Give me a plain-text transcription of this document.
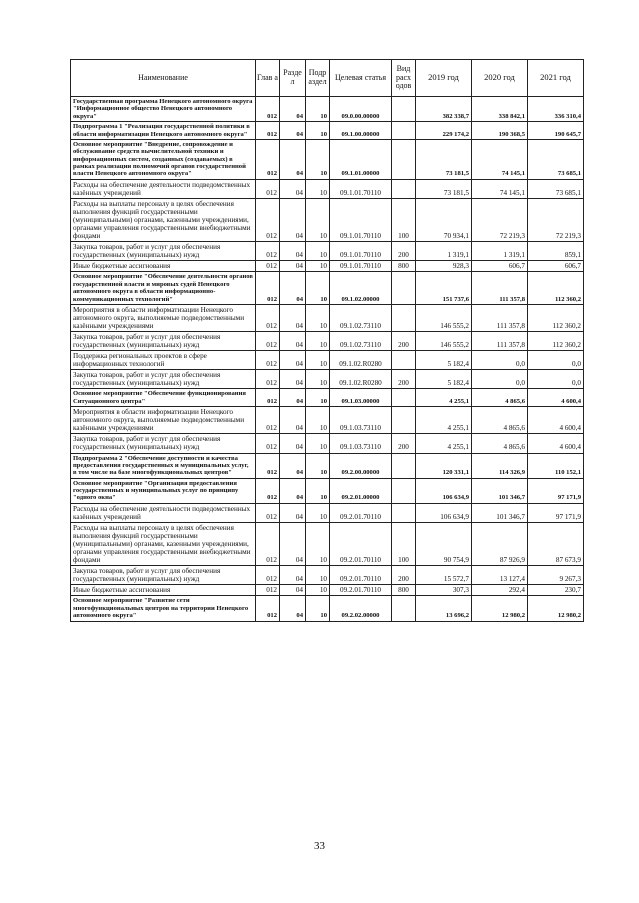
Наименование	Глав а	Разде л	Подр аздел	Целевая статья	Вид расх одов	2019 год	2020 год	2021 год
Государственная программа Ненецкого автономного округа "Информационное общество Ненецкого автономного округа"	012	04	10	09.0.00.00000		382 338,7	338 842,1	336 310,4
Подпрограмма 1 "Реализация государственной политики в области информатизации Ненецкого автономного округа"	012	04	10	09.1.00.00000		229 174,2	190 368,5	190 645,7
Основное мероприятие "Внедрение, сопровождение и обслуживание средств вычислительной техники и информационных систем, созданных (создаваемых) в рамках реализации полномочий органов государственной власти Ненецкого автономного округа"	012	04	10	09.1.01.00000		73 181,5	74 145,1	73 685,1
Расходы на обеспечение деятельности подведомственных казённых учреждений	012	04	10	09.1.01.70110		73 181,5	74 145,1	73 685,1
Расходы на выплаты персоналу в целях обеспечения выполнения функций государственными (муниципальными) органами, казенными учреждениями, органами управления государственными внебюджетными фондами	012	04	10	09.1.01.70110	100	70 934,1	72 219,3	72 219,3
Закупка товаров, работ и услуг для обеспечения государственных (муниципальных) нужд	012	04	10	09.1.01.70110	200	1 319,1	1 319,1	859,1
Иные бюджетные ассигнования	012	04	10	09.1.01.70110	800	928,3	606,7	606,7
Основное мероприятие "Обеспечение деятельности органов государственной власти и мировых судей Ненецкого автономного округа в области информационно-коммуникационных технологий"	012	04	10	09.1.02.00000		151 737,6	111 357,8	112 360,2
Мероприятия в области информатизации Ненецкого автономного округа, выполняемые подведомственными казёнными учреждениями	012	04	10	09.1.02.73110		146 555,2	111 357,8	112 360,2
Закупка товаров, работ и услуг для обеспечения государственных (муниципальных) нужд	012	04	10	09.1.02.73110	200	146 555,2	111 357,8	112 360,2
Поддержка региональных проектов в сфере информационных технологий	012	04	10	09.1.02.R0280		5 182,4	0,0	0,0
Закупка товаров, работ и услуг для обеспечения государственных (муниципальных) нужд	012	04	10	09.1.02.R0280	200	5 182,4	0,0	0,0
Основное мероприятие "Обеспечение функционирования Ситуационного центра"	012	04	10	09.1.03.00000		4 255,1	4 865,6	4 600,4
Мероприятия в области информатизации Ненецкого автономного округа, выполняемые подведомственными казёнными учреждениями	012	04	10	09.1.03.73110		4 255,1	4 865,6	4 600,4
Закупка товаров, работ и услуг для обеспечения государственных (муниципальных) нужд	012	04	10	09.1.03.73110	200	4 255,1	4 865,6	4 600,4
Подпрограмма 2 "Обеспечение доступности и качества предоставления государственных и муниципальных услуг, в том числе на базе многофункциональных центров"	012	04	10	09.2.00.00000		120 331,1	114 326,9	110 152,1
Основное мероприятие "Организация предоставления государственных и муниципальных услуг по принципу "одного окна"	012	04	10	09.2.01.00000		106 634,9	101 346,7	97 171,9
Расходы на обеспечение деятельности подведомственных казённых учреждений	012	04	10	09.2.01.70110		106 634,9	101 346,7	97 171,9
Расходы на выплаты персоналу в целях обеспечения выполнения функций государственными (муниципальными) органами, казенными учреждениями, органами управления государственными внебюджетными фондами	012	04	10	09.2.01.70110	100	90 754,9	87 926,9	87 673,9
Закупка товаров, работ и услуг для обеспечения государственных (муниципальных) нужд	012	04	10	09.2.01.70110	200	15 572,7	13 127,4	9 267,3
Иные бюджетные ассигнования	012	04	10	09.2.01.70110	800	307,3	292,4	230,7
Основное мероприятие "Развитие сети многофункциональных центров на территории Ненецкого автономного округа"	012	04	10	09.2.02.00000		13 696,2	12 980,2	12 980,2
33
